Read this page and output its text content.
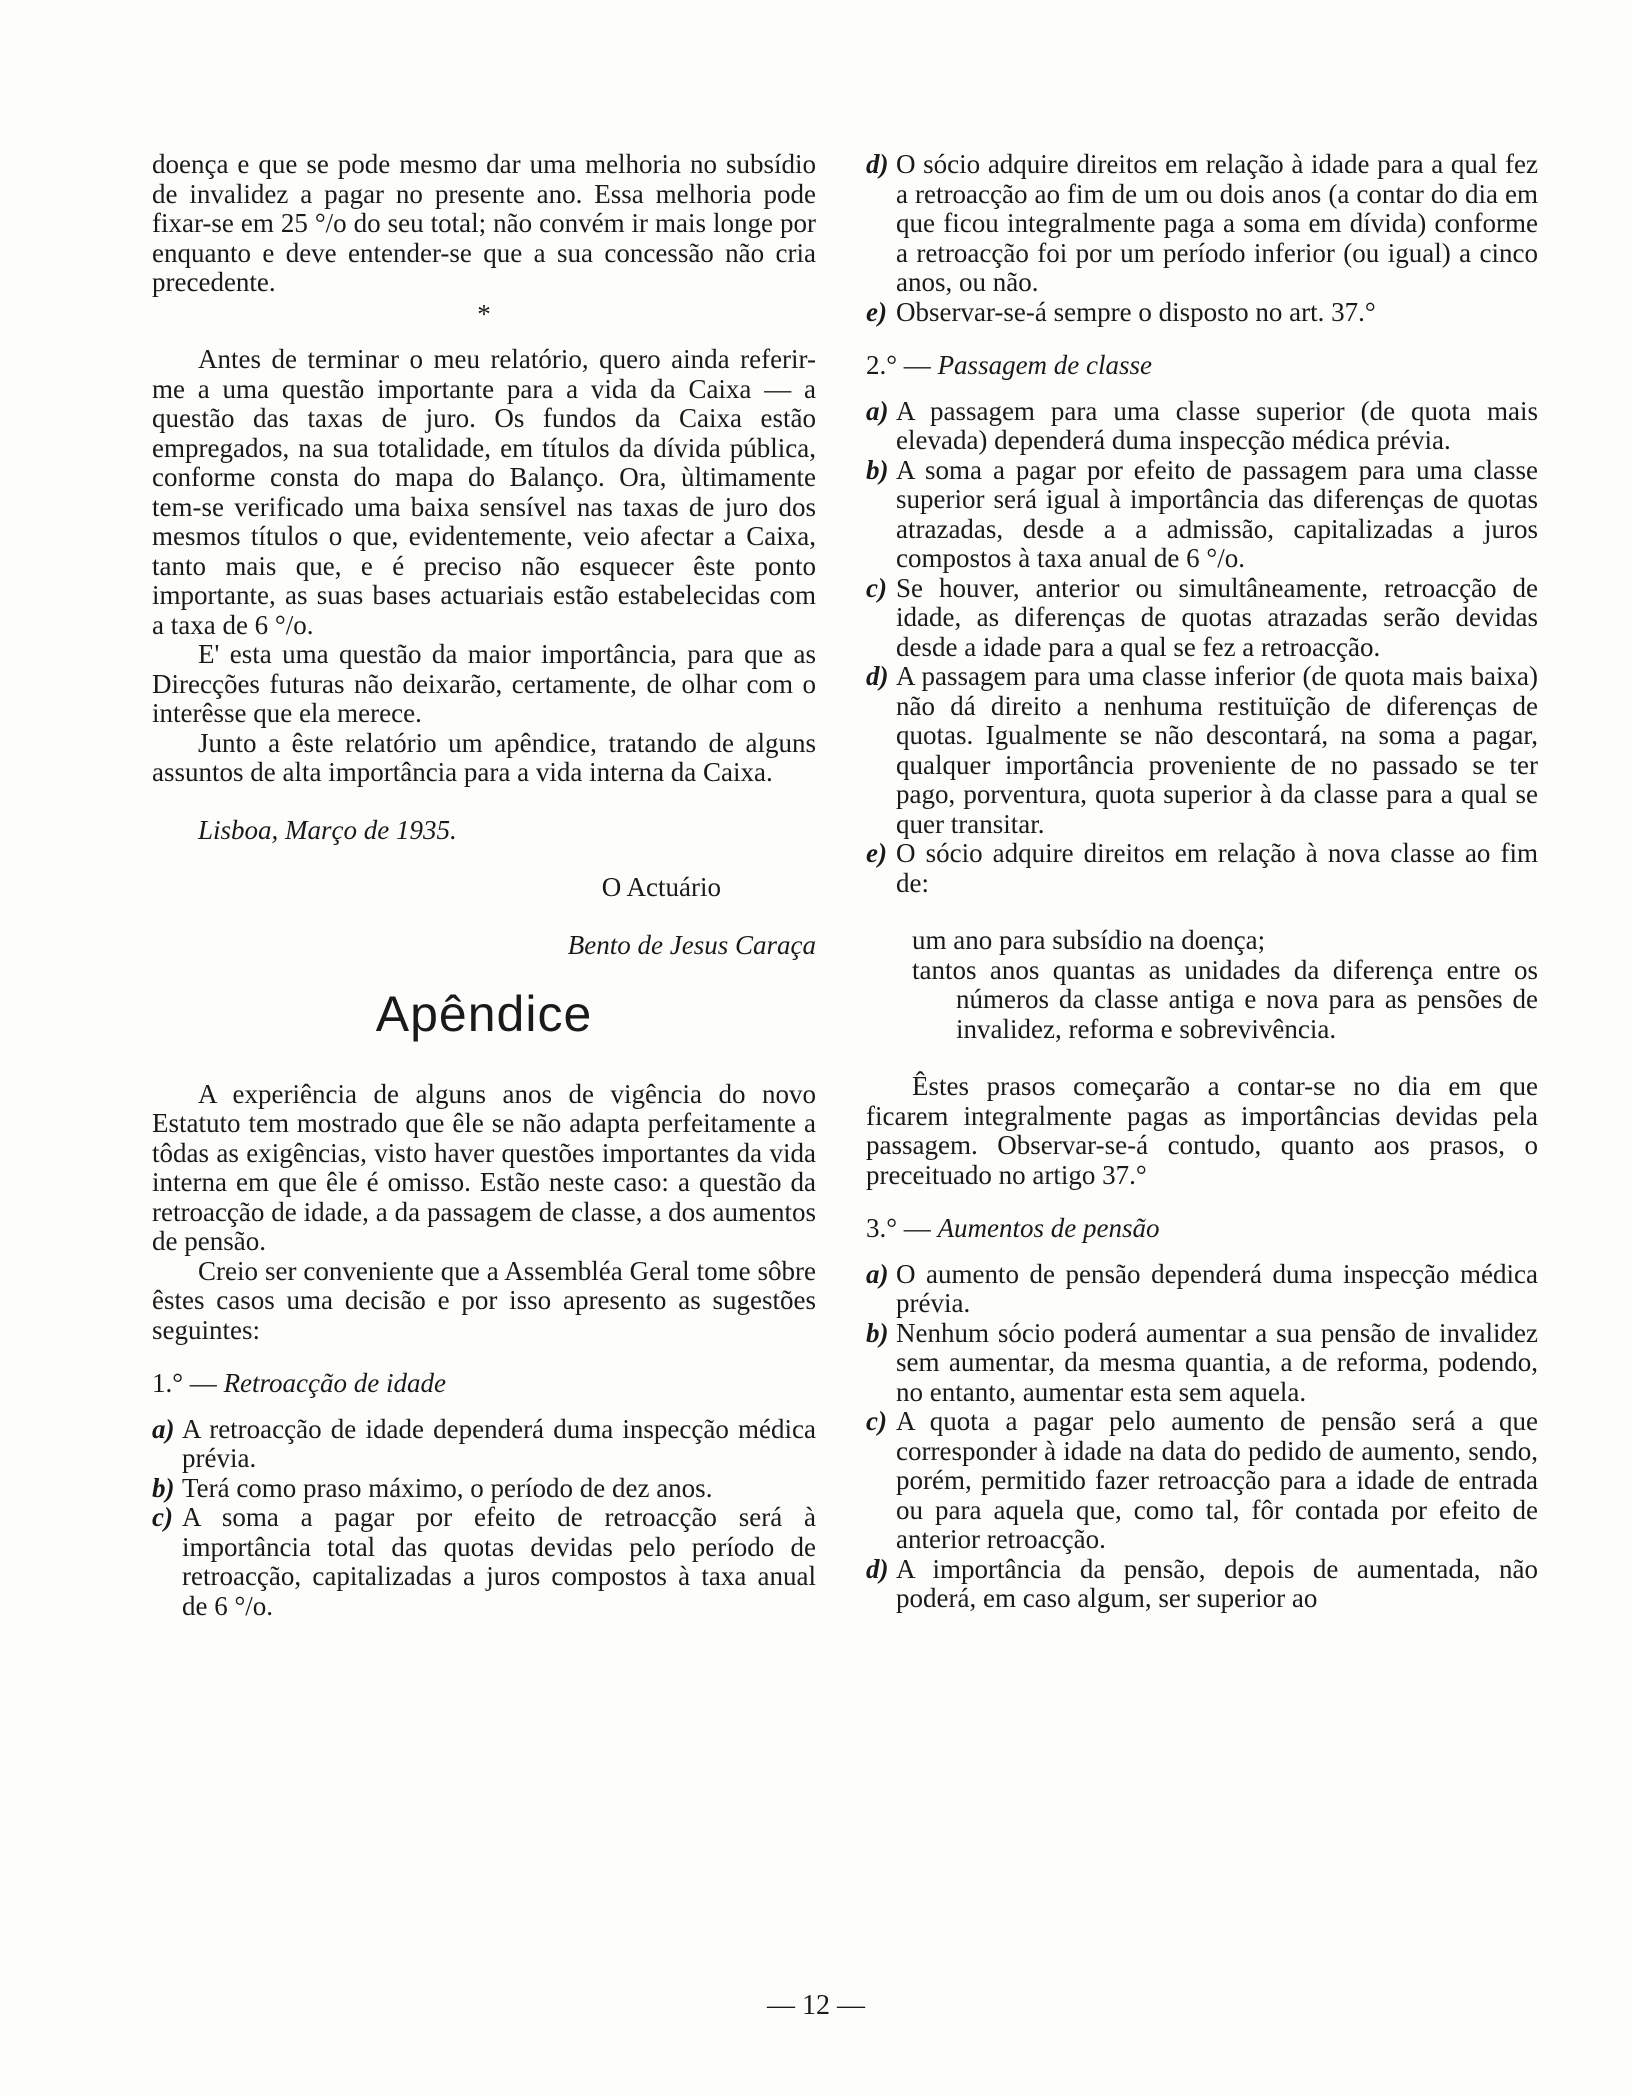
doença e que se pode mesmo dar uma melhoria no subsídio de invalidez a pagar no presente ano. Essa melhoria pode fixar-se em 25 °/o do seu total; não convém ir mais longe por enquanto e deve entender-se que a sua concessão não cria precedente.

*

Antes de terminar o meu relatório, quero ainda referir-me a uma questão importante para a vida da Caixa — a questão das taxas de juro. Os fundos da Caixa estão empregados, na sua totalidade, em títulos da dívida pública, conforme consta do mapa do Balanço. Ora, ùltimamente tem-se verificado uma baixa sensível nas taxas de juro dos mesmos títulos o que, evidentemente, veio afectar a Caixa, tanto mais que, e é preciso não esquecer êste ponto importante, as suas bases actuariais estão estabelecidas com a taxa de 6 °/o.

E' esta uma questão da maior importância, para que as Direcções futuras não deixarão, certamente, de olhar com o interêsse que ela merece.

Junto a êste relatório um apêndice, tratando de alguns assuntos de alta importância para a vida interna da Caixa.

Lisboa, Março de 1935.
O Actuário
Bento de Jesus Caraça
Apêndice

A experiência de alguns anos de vigência do novo Estatuto tem mostrado que êle se não adapta perfeitamente a tôdas as exigências, visto haver questões importantes da vida interna em que êle é omisso. Estão neste caso: a questão da retroacção de idade, a da passagem de classe, a dos aumentos de pensão.

Creio ser conveniente que a Assembléa Geral tome sôbre êstes casos uma decisão e por isso apresento as sugestões seguintes:

1.° — Retroacção de idade
a) A retroacção de idade dependerá duma inspecção médica prévia.
b) Terá como praso máximo, o período de dez anos.
c) A soma a pagar por efeito de retroacção será à importância total das quotas devidas pelo período de retroacção, capitalizadas a juros compostos à taxa anual de 6 °/o.
d) O sócio adquire direitos em relação à idade para a qual fez a retroacção ao fim de um ou dois anos (a contar do dia em que ficou integralmente paga a soma em dívida) conforme a retroacção foi por um período inferior (ou igual) a cinco anos, ou não.
e) Observar-se-á sempre o disposto no art. 37.°
2.° — Passagem de classe
a) A passagem para uma classe superior (de quota mais elevada) dependerá duma inspecção médica prévia.
b) A soma a pagar por efeito de passagem para uma classe superior será igual à importância das diferenças de quotas atrazadas, desde a a admissão, capitalizadas a juros compostos à taxa anual de 6 °/o.
c) Se houver, anterior ou simultâneamente, retroacção de idade, as diferenças de quotas atrazadas serão devidas desde a idade para a qual se fez a retroacção.
d) A passagem para uma classe inferior (de quota mais baixa) não dá direito a nenhuma restituïção de diferenças de quotas. Igualmente se não descontará, na soma a pagar, qualquer importância proveniente de no passado se ter pago, porventura, quota superior à da classe para a qual se quer transitar.
e) O sócio adquire direitos em relação à nova classe ao fim de:
um ano para subsídio na doença;
tantos anos quantas as unidades da diferença entre os números da classe antiga e nova para as pensões de invalidez, reforma e sobrevivência.

Êstes prasos começarão a contar-se no dia em que ficarem integralmente pagas as importâncias devidas pela passagem. Observar-se-á contudo, quanto aos prasos, o preceituado no artigo 37.°

3.° — Aumentos de pensão
a) O aumento de pensão dependerá duma inspecção médica prévia.
b) Nenhum sócio poderá aumentar a sua pensão de invalidez sem aumentar, da mesma quantia, a de reforma, podendo, no entanto, aumentar esta sem aquela.
c) A quota a pagar pelo aumento de pensão será a que corresponder à idade na data do pedido de aumento, sendo, porém, permitido fazer retroacção para a idade de entrada ou para aquela que, como tal, fôr contada por efeito de anterior retroacção.
d) A importância da pensão, depois de aumentada, não poderá, em caso algum, ser superior ao
— 12 —
